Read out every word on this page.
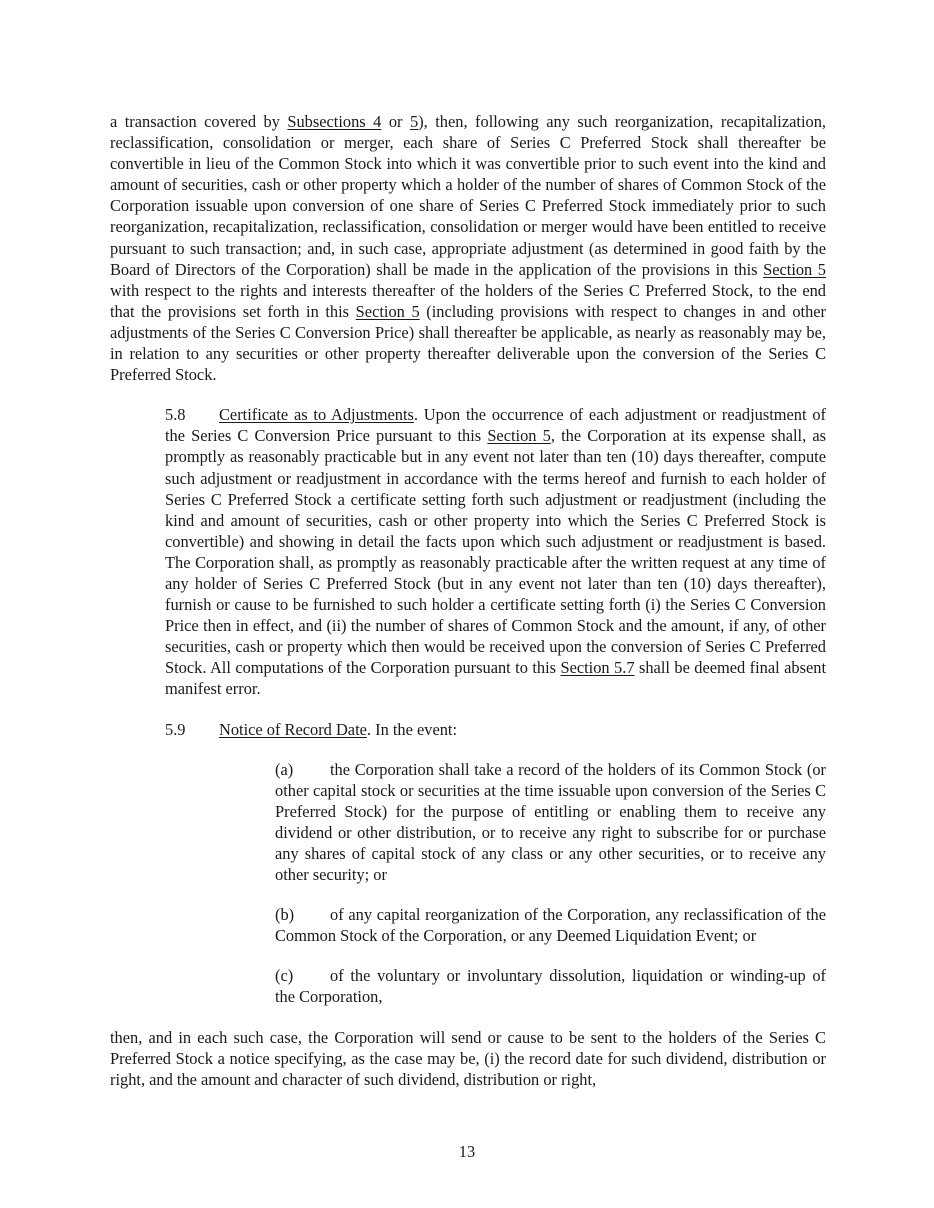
a transaction covered by Subsections 4 or 5), then, following any such reorganization, recapitalization, reclassification, consolidation or merger, each share of Series C Preferred Stock shall thereafter be convertible in lieu of the Common Stock into which it was convertible prior to such event into the kind and amount of securities, cash or other property which a holder of the number of shares of Common Stock of the Corporation issuable upon conversion of one share of Series C Preferred Stock immediately prior to such reorganization, recapitalization, reclassification, consolidation or merger would have been entitled to receive pursuant to such transaction; and, in such case, appropriate adjustment (as determined in good faith by the Board of Directors of the Corporation) shall be made in the application of the provisions in this Section 5 with respect to the rights and interests thereafter of the holders of the Series C Preferred Stock, to the end that the provisions set forth in this Section 5 (including provisions with respect to changes in and other adjustments of the Series C Conversion Price) shall thereafter be applicable, as nearly as reasonably may be, in relation to any securities or other property thereafter deliverable upon the conversion of the Series C Preferred Stock.

5.8 Certificate as to Adjustments. Upon the occurrence of each adjustment or readjustment of the Series C Conversion Price pursuant to this Section 5, the Corporation at its expense shall, as promptly as reasonably practicable but in any event not later than ten (10) days thereafter, compute such adjustment or readjustment in accordance with the terms hereof and furnish to each holder of Series C Preferred Stock a certificate setting forth such adjustment or readjustment (including the kind and amount of securities, cash or other property into which the Series C Preferred Stock is convertible) and showing in detail the facts upon which such adjustment or readjustment is based. The Corporation shall, as promptly as reasonably practicable after the written request at any time of any holder of Series C Preferred Stock (but in any event not later than ten (10) days thereafter), furnish or cause to be furnished to such holder a certificate setting forth (i) the Series C Conversion Price then in effect, and (ii) the number of shares of Common Stock and the amount, if any, of other securities, cash or property which then would be received upon the conversion of Series C Preferred Stock. All computations of the Corporation pursuant to this Section 5.7 shall be deemed final absent manifest error.

5.9 Notice of Record Date. In the event:

(a) the Corporation shall take a record of the holders of its Common Stock (or other capital stock or securities at the time issuable upon conversion of the Series C Preferred Stock) for the purpose of entitling or enabling them to receive any dividend or other distribution, or to receive any right to subscribe for or purchase any shares of capital stock of any class or any other securities, or to receive any other security; or

(b) of any capital reorganization of the Corporation, any reclassification of the Common Stock of the Corporation, or any Deemed Liquidation Event; or

(c) of the voluntary or involuntary dissolution, liquidation or winding-up of the Corporation,

then, and in each such case, the Corporation will send or cause to be sent to the holders of the Series C Preferred Stock a notice specifying, as the case may be, (i) the record date for such dividend, distribution or right, and the amount and character of such dividend, distribution or right,

13
